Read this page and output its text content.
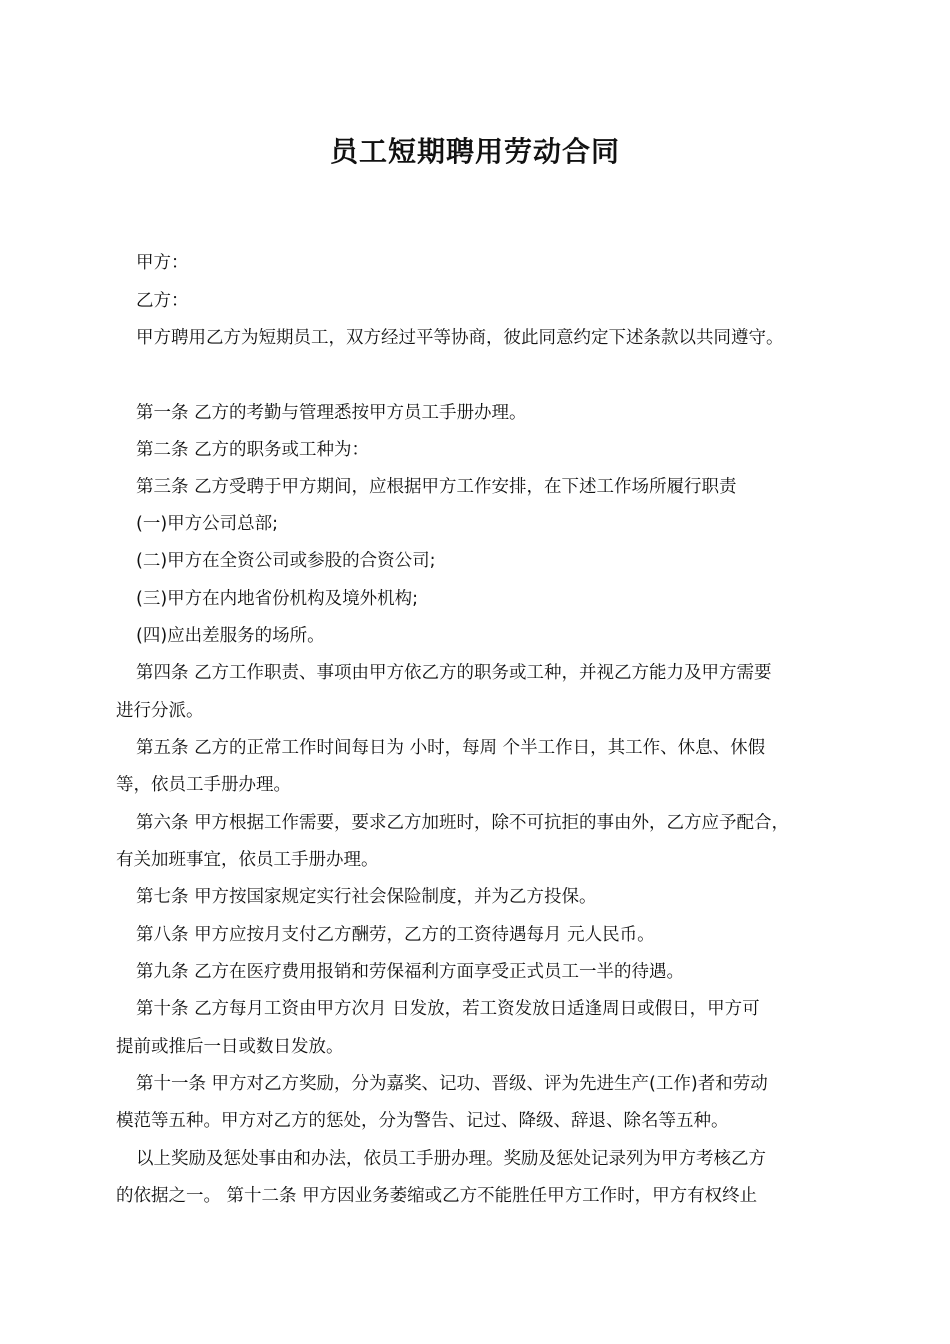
员工短期聘用劳动合同
甲方：
乙方：
甲方聘用乙方为短期员工，双方经过平等协商，彼此同意约定下述条款以共同遵守。
第一条 乙方的考勤与管理悉按甲方员工手册办理。
第二条 乙方的职务或工种为：
第三条 乙方受聘于甲方期间，应根据甲方工作安排，在下述工作场所履行职责
(一)甲方公司总部;
(二)甲方在全资公司或参股的合资公司;
(三)甲方在内地省份机构及境外机构;
(四)应出差服务的场所。
第四条 乙方工作职责、事项由甲方依乙方的职务或工种，并视乙方能力及甲方需要
进行分派。
第五条 乙方的正常工作时间每日为 小时，每周 个半工作日，其工作、休息、休假
等，依员工手册办理。
第六条 甲方根据工作需要，要求乙方加班时，除不可抗拒的事由外，乙方应予配合，
有关加班事宜，依员工手册办理。
第七条 甲方按国家规定实行社会保险制度，并为乙方投保。
第八条 甲方应按月支付乙方酬劳，乙方的工资待遇每月 元人民币。
第九条 乙方在医疗费用报销和劳保福利方面享受正式员工一半的待遇。
第十条 乙方每月工资由甲方次月 日发放，若工资发放日适逢周日或假日，甲方可
提前或推后一日或数日发放。
第十一条 甲方对乙方奖励，分为嘉奖、记功、晋级、评为先进生产(工作)者和劳动
模范等五种。甲方对乙方的惩处，分为警告、记过、降级、辞退、除名等五种。
以上奖励及惩处事由和办法，依员工手册办理。奖励及惩处记录列为甲方考核乙方
的依据之一。 第十二条 甲方因业务萎缩或乙方不能胜任甲方工作时，甲方有权终止
